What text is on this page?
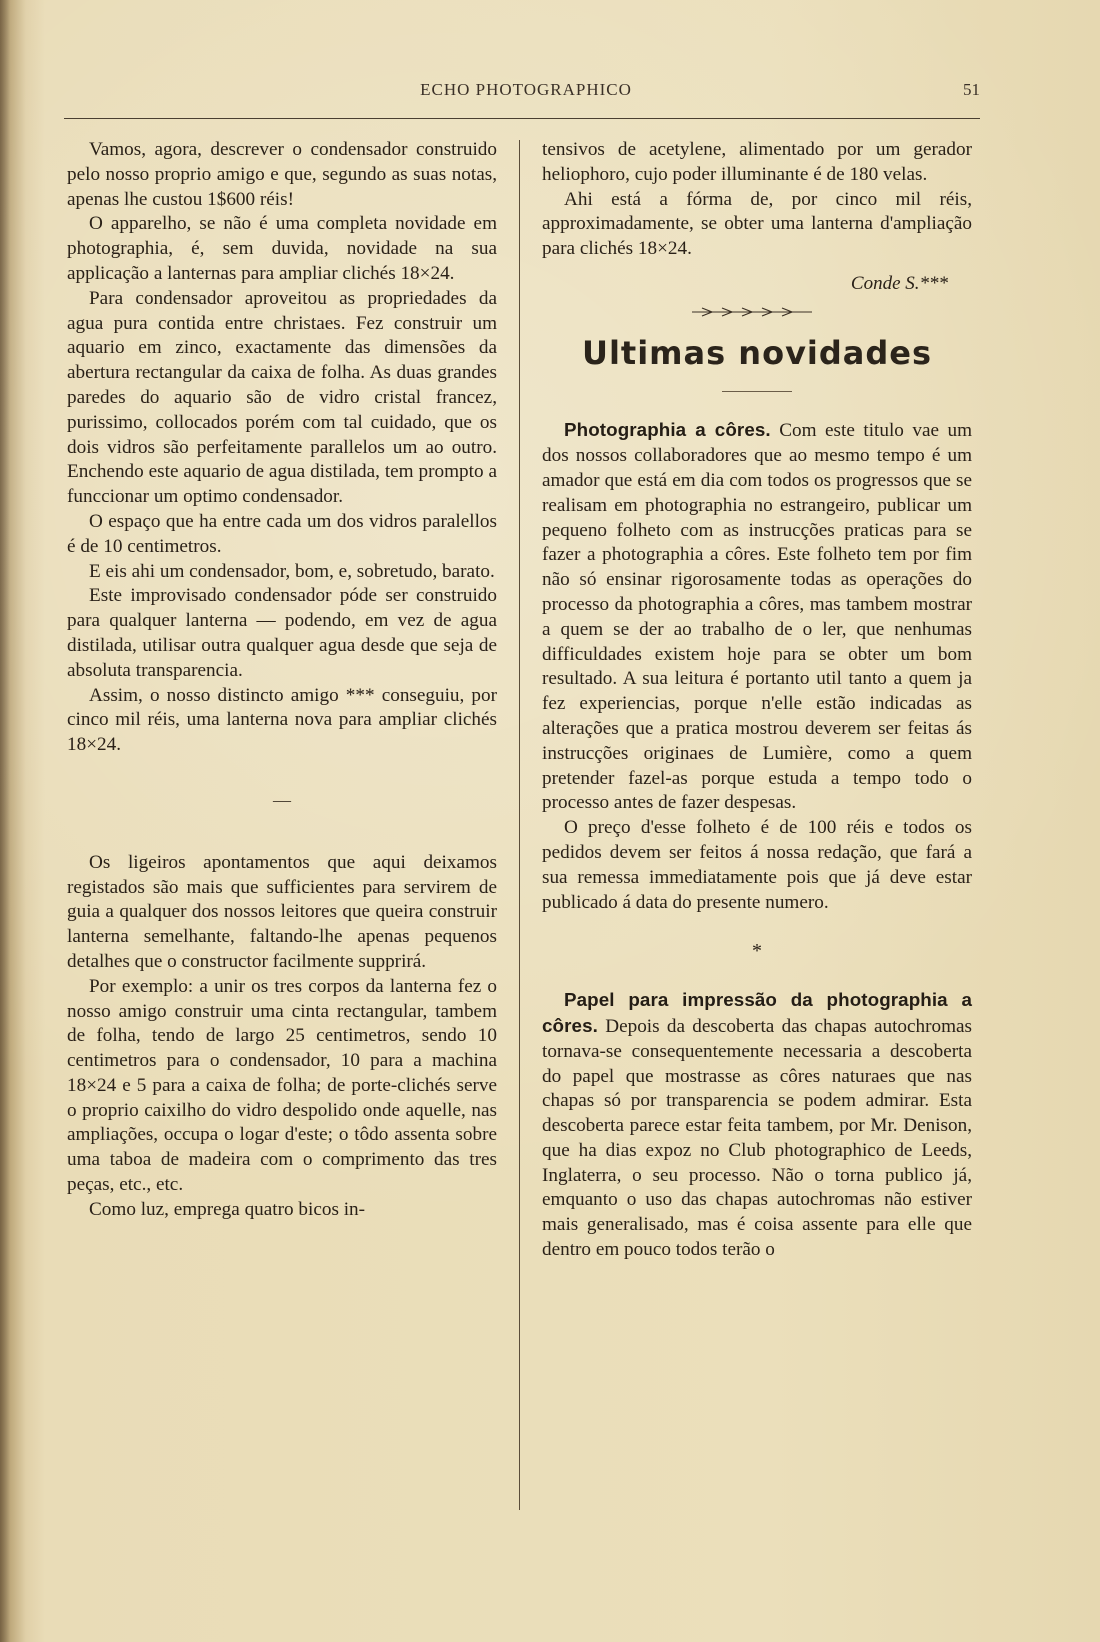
ECHO PHOTOGRAPHICO	51

Vamos, agora, descrever o condensador construido pelo nosso proprio amigo e que, segundo as suas notas, apenas lhe custou 1$600 réis!

O apparelho, se não é uma completa novidade em photographia, é, sem duvida, novidade na sua applicação a lanternas para ampliar clichés 18×24.

Para condensador aproveitou as propriedades da agua pura contida entre christaes. Fez construir um aquario em zinco, exactamente das dimensões da abertura rectangular da caixa de folha. As duas grandes paredes do aquario são de vidro cristal francez, purissimo, collocados porém com tal cuidado, que os dois vidros são perfeitamente parallelos um ao outro. Enchendo este aquario de agua distilada, tem prompto a funccionar um optimo condensador.

O espaço que ha entre cada um dos vidros paralellos é de 10 centimetros.

E eis ahi um condensador, bom, e, sobretudo, barato.

Este improvisado condensador póde ser construido para qualquer lanterna — podendo, em vez de agua distilada, utilisar outra qualquer agua desde que seja de absoluta transparencia.

Assim, o nosso distincto amigo *** conseguiu, por cinco mil réis, uma lanterna nova para ampliar clichés 18×24.

—

Os ligeiros apontamentos que aqui deixamos registados são mais que sufficientes para servirem de guia a qualquer dos nossos leitores que queira construir lanterna semelhante, faltando-lhe apenas pequenos detalhes que o constructor facilmente supprirá.

Por exemplo: a unir os tres corpos da lanterna fez o nosso amigo construir uma cinta rectangular, tambem de folha, tendo de largo 25 centimetros, sendo 10 centimetros para o condensador, 10 para a machina 18×24 e 5 para a caixa de folha; de porte-clichés serve o proprio caixilho do vidro despolido onde aquelle, nas ampliações, occupa o logar d'este; o tôdo assenta sobre uma taboa de madeira com o comprimento das tres peças, etc., etc.

Como luz, emprega quatro bicos in-

tensivos de acetylene, alimentado por um gerador heliophoro, cujo poder illuminante é de 180 velas.

Ahi está a fórma de, por cinco mil réis, approximadamente, se obter uma lanterna d'ampliação para clichés 18×24.

Conde S.***
Ultimas novidades

Photographia a côres. Com este titulo vae um dos nossos collaboradores que ao mesmo tempo é um amador que está em dia com todos os progressos que se realisam em photographia no estrangeiro, publicar um pequeno folheto com as instrucções praticas para se fazer a photographia a côres. Este folheto tem por fim não só ensinar rigorosamente todas as operações do processo da photographia a côres, mas tambem mostrar a quem se der ao trabalho de o ler, que nenhumas difficuldades existem hoje para se obter um bom resultado. A sua leitura é portanto util tanto a quem ja fez experiencias, porque n'elle estão indicadas as alterações que a pratica mostrou deverem ser feitas ás instrucções originaes de Lumière, como a quem pretender fazel-as porque estuda a tempo todo o processo antes de fazer despesas.

O preço d'esse folheto é de 100 réis e todos os pedidos devem ser feitos á nossa redação, que fará a sua remessa immediatamente pois que já deve estar publicado á data do presente numero.

*

Papel para impressão da photographia a côres. Depois da descoberta das chapas autochromas tornava-se consequentemente necessaria a descoberta do papel que mostrasse as côres naturaes que nas chapas só por transparencia se podem admirar. Esta descoberta parece estar feita tambem, por Mr. Denison, que ha dias expoz no Club photographico de Leeds, Inglaterra, o seu processo. Não o torna publico já, emquanto o uso das chapas autochromas não estiver mais generalisado, mas é coisa assente para elle que dentro em pouco todos terão o
